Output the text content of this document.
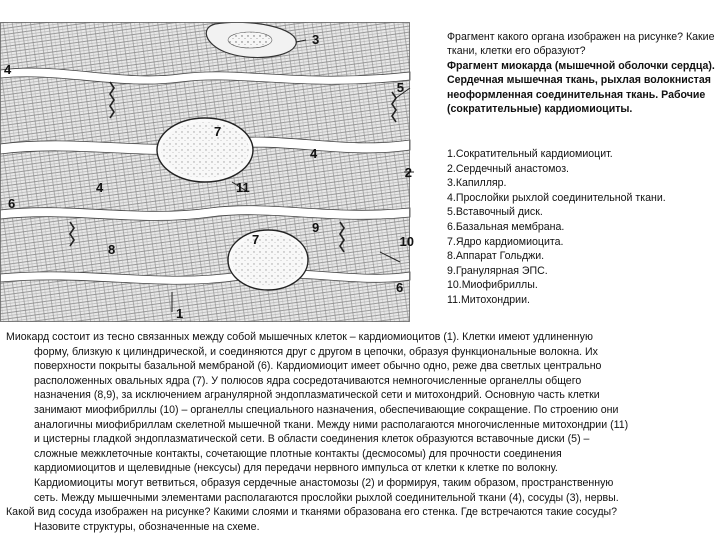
1
2
3
4
4
4
5
6
6
7
7
8
9
10
11

Фрагмент какого органа изображен на рисунке? Какие ткани, клетки его образуют?

Фрагмент миокарда (мышечной оболочки сердца). Сердечная мышечная ткань, рыхлая волокнистая неоформленная соединительная ткань. Рабочие (сократительные) кардиомиоциты.

1.Сократительный кардиомиоцит.
2.Сердечный анастомоз.
3.Капилляр.
4.Прослойки рыхлой соединительной ткани.
5.Вставочный диск.
6.Базальная мембрана.
7.Ядро кардиомиоцита.
8.Аппарат Гольджи.
9.Гранулярная ЭПС.
10.Миофибриллы.
11.Митохондрии.
Миокард состоит из тесно связанных между собой мышечных клеток – кардиомиоцитов (1). Клетки имеют удлиненную
форму, близкую к цилиндрической, и соединяются друг с другом в цепочки, образуя функциональные волокна. Их
поверхности покрыты базальной мембраной (6). Кардиомиоцит имеет обычно одно, реже два светлых центрально
расположенных овальных ядра (7). У полюсов ядра сосредотачиваются немногочисленные органеллы общего
назначения (8,9), за исключением агранулярной эндоплазматической сети и митохондрий. Основную часть клетки
занимают миофибриллы (10) – органеллы специального назначения, обеспечивающие сокращение. По строению они
аналогичны миофибриллам скелетной мышечной ткани. Между ними располагаются многочисленные митохондрии (11)
и цистерны гладкой эндоплазматической сети. В области соединения клеток образуются вставочные диски (5) –
сложные межклеточные контакты, сочетающие плотные контакты (десмосомы) для прочности соединения
кардиомиоцитов и щелевидные (нексусы) для передачи нервного импульса от клетки к клетке по волокну.
Кардиомиоциты могут ветвиться, образуя сердечные анастомозы (2) и формируя, таким образом, пространственную
сеть. Между мышечными элементами располагаются прослойки рыхлой соединительной ткани (4), сосуды (3), нервы.
Какой вид сосуда изображен на рисунке? Какими слоями и тканями образована его стенка. Где встречаются такие сосуды?
Назовите структуры, обозначенные на схеме.
